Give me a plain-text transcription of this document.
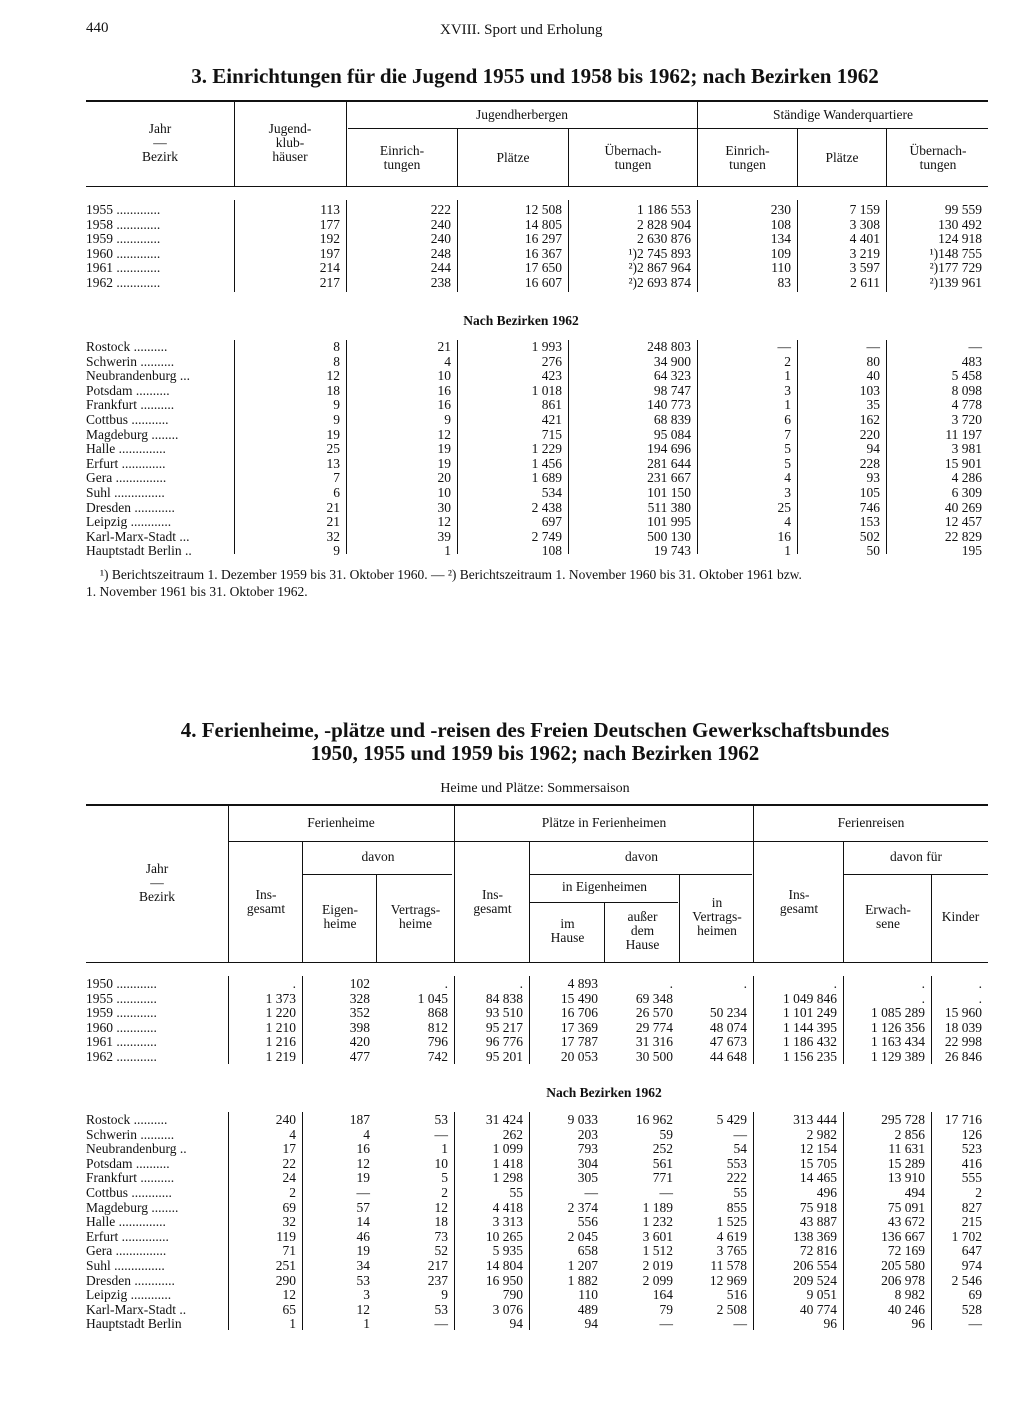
440	XVIII. Sport und Erholung
3. Einrichtungen für die Jugend 1955 und 1958 bis 1962; nach Bezirken 1962
Jahr
—
Bezirk
Jugend-
klub-
häuser
Jugendherbergen	Ständige Wanderquartiere
Einrich-
tungen	Plätze	Übernach-
tungen
Einrich-
tungen	Plätze	Übernach-
tungen
1955 .............	113	222	12 508	1 186 553	230	7 159	99 559
1958 .............	177	240	14 805	2 828 904	108	3 308	130 492
1959 .............	192	240	16 297	2 630 876	134	4 401	124 918
1960 .............	197	248	16 367	¹)2 745 893	109	3 219	¹)148 755
1961 .............	214	244	17 650	²)2 867 964	110	3 597	²)177 729
1962 .............	217	238	16 607	²)2 693 874	83	2 611	²)139 961
Nach Bezirken 1962
Rostock ..........	8	21	1 993	248 803	—	—	—
Schwerin ..........	8	4	276	34 900	2	80	483
Neubrandenburg ...	12	10	423	64 323	1	40	5 458
Potsdam ..........	18	16	1 018	98 747	3	103	8 098
Frankfurt ..........	9	16	861	140 773	1	35	4 778
Cottbus ...........	9	9	421	68 839	6	162	3 720
Magdeburg ........	19	12	715	95 084	7	220	11 197
Halle ..............	25	19	1 229	194 696	5	94	3 981
Erfurt .............	13	19	1 456	281 644	5	228	15 901
Gera ...............	7	20	1 689	231 667	4	93	4 286
Suhl ...............	6	10	534	101 150	3	105	6 309
Dresden ............	21	30	2 438	511 380	25	746	40 269
Leipzig ............	21	12	697	101 995	4	153	12 457
Karl-Marx-Stadt ...	32	39	2 749	500 130	16	502	22 829
Hauptstadt Berlin ..	9	1	108	19 743	1	50	195
¹) Berichtszeitraum 1. Dezember 1959 bis 31. Oktober 1960. — ²) Berichtszeitraum 1. November 1960 bis 31. Oktober 1961 bzw.
1. November 1961 bis 31. Oktober 1962.
4. Ferienheime, -plätze und -reisen des Freien Deutschen Gewerkschaftsbundes
1950, 1955 und 1959 bis 1962; nach Bezirken 1962
Heime und Plätze: Sommersaison
Jahr
—
Bezirk
Ferienheime	Plätze in Ferienheimen	Ferienreisen
davon	davon	davon für
Ins-
gesamt	Eigen-
heime
Vertrags-
heime
Ins-
gesamt
in Eigenheimen
im
Hause
außer
dem
Hause
in
Vertrags-
heimen
Ins-
gesamt	Erwach-
sene	Kinder
1950 ............	.	102	.	.	4 893	.	.	.	.	.
1955 ............	1 373	328	1 045	84 838	15 490	69 348		1 049 846	.	.
1959 ............	1 220	352	868	93 510	16 706	26 570	50 234	1 101 249	1 085 289	15 960
1960 ............	1 210	398	812	95 217	17 369	29 774	48 074	1 144 395	1 126 356	18 039
1961 ............	1 216	420	796	96 776	17 787	31 316	47 673	1 186 432	1 163 434	22 998
1962 ............	1 219	477	742	95 201	20 053	30 500	44 648	1 156 235	1 129 389	26 846
Nach Bezirken 1962
Rostock ..........	240	187	53	31 424	9 033	16 962	5 429	313 444	295 728	17 716
Schwerin ..........	4	4	—	262	203	59	—	2 982	2 856	126
Neubrandenburg ..	17	16	1	1 099	793	252	54	12 154	11 631	523
Potsdam ..........	22	12	10	1 418	304	561	553	15 705	15 289	416
Frankfurt ..........	24	19	5	1 298	305	771	222	14 465	13 910	555
Cottbus ............	2	—	2	55	—	—	55	496	494	2
Magdeburg ........	69	57	12	4 418	2 374	1 189	855	75 918	75 091	827
Halle ..............	32	14	18	3 313	556	1 232	1 525	43 887	43 672	215
Erfurt ..............	119	46	73	10 265	2 045	3 601	4 619	138 369	136 667	1 702
Gera ...............	71	19	52	5 935	658	1 512	3 765	72 816	72 169	647
Suhl ...............	251	34	217	14 804	1 207	2 019	11 578	206 554	205 580	974
Dresden ............	290	53	237	16 950	1 882	2 099	12 969	209 524	206 978	2 546
Leipzig ............	12	3	9	790	110	164	516	9 051	8 982	69
Karl-Marx-Stadt ..	65	12	53	3 076	489	79	2 508	40 774	40 246	528
Hauptstadt Berlin	1	1	—	94	94	—	—	96	96	—
